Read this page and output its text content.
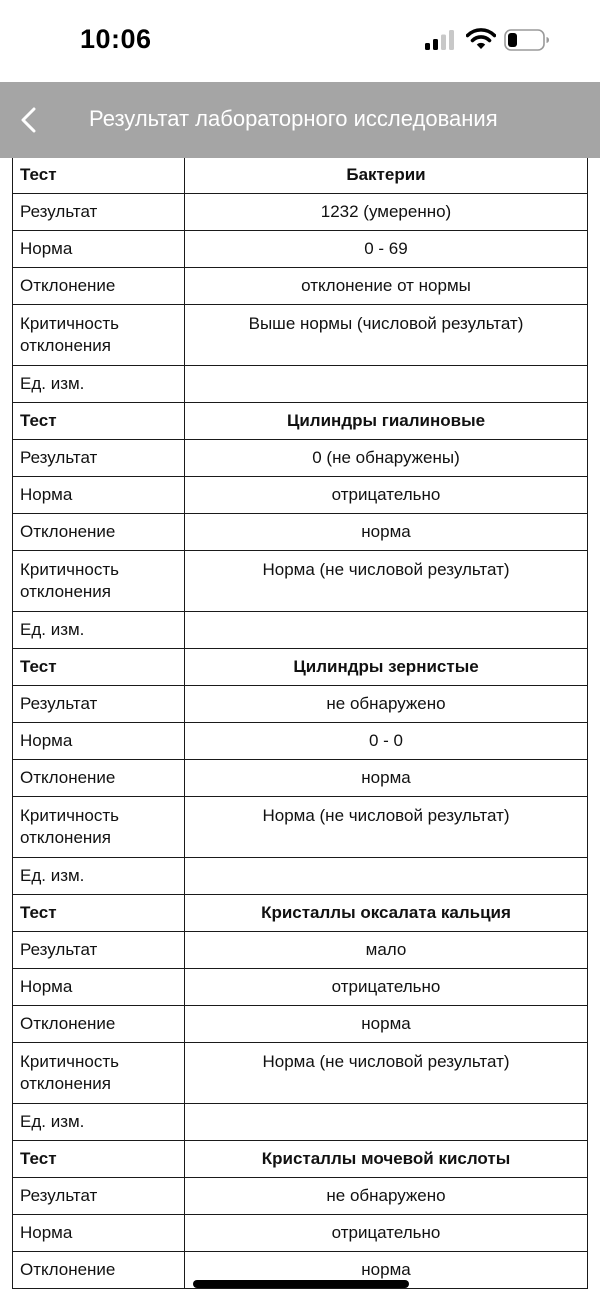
10:06
Результат лабораторного исследования
Тест	Бактерии
Результат	1232 (умеренно)
Норма	0 - 69
Отклонение	отклонение от нормы
Критичность отклонения	Выше нормы (числовой результат)
Ед. изм.	
Тест	Цилиндры гиалиновые
Результат	0 (не обнаружены)
Норма	отрицательно
Отклонение	норма
Критичность отклонения	Норма (не числовой результат)
Ед. изм.	
Тест	Цилиндры зернистые
Результат	не обнаружено
Норма	0 - 0
Отклонение	норма
Критичность отклонения	Норма (не числовой результат)
Ед. изм.	
Тест	Кристаллы оксалата кальция
Результат	мало
Норма	отрицательно
Отклонение	норма
Критичность отклонения	Норма (не числовой результат)
Ед. изм.	
Тест	Кристаллы мочевой кислоты
Результат	не обнаружено
Норма	отрицательно
Отклонение	норма
